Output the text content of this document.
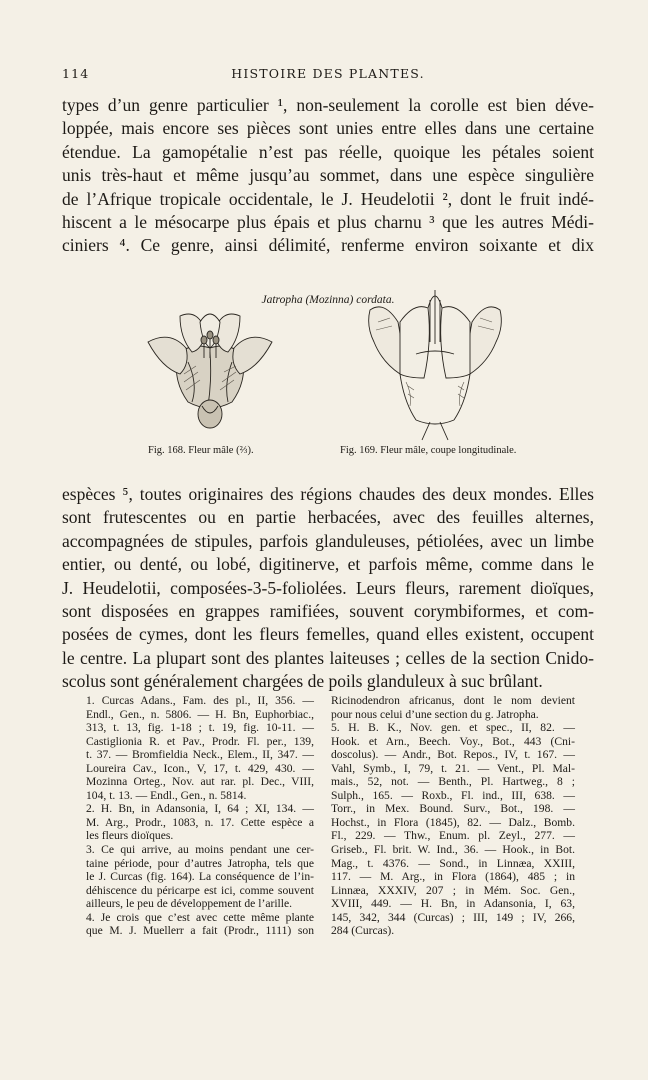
114	HISTOIRE DES PLANTES.
types d’un genre particulier ¹, non-seulement la corolle est bien déve-
loppée, mais encore ses pièces sont unies entre elles dans une certaine
étendue. La gamopétalie n’est pas réelle, quoique les pétales soient
unis très-haut et même jusqu’au sommet, dans une espèce singulière
de l’Afrique tropicale occidentale, le J. Heudelotii ², dont le fruit indé-
hiscent a le mésocarpe plus épais et plus charnu ³ que les autres Médi-
ciniers ⁴. Ce genre, ainsi délimité, renferme environ soixante et dix
Jatropha (Mozinna) cordata.
Fig. 168. Fleur mâle (⅔).	Fig. 169. Fleur mâle, coupe longitudinale.
espèces ⁵, toutes originaires des régions chaudes des deux mondes. Elles
sont frutescentes ou en partie herbacées, avec des feuilles alternes,
accompagnées de stipules, parfois glanduleuses, pétiolées, avec un limbe
entier, ou denté, ou lobé, digitinerve, et parfois même, comme dans le
J. Heudelotii, composées-3-5-foliolées. Leurs fleurs, rarement dioïques,
sont disposées en grappes ramifiées, souvent corymbiformes, et com-
posées de cymes, dont les fleurs femelles, quand elles existent, occupent
le centre. La plupart sont des plantes laiteuses ; celles de la section Cnido-
scolus sont généralement chargées de poils glanduleux à suc brûlant.
1. Curcas Adans., Fam. des pl., II, 356. —
Endl., Gen., n. 5806. — H. Bn, Euphorbiac.,
313, t. 13, fig. 1-18 ; t. 19, fig. 10-11. —
Castiglionia R. et Pav., Prodr. Fl. per., 139,
t. 37. — Bromfieldia Neck., Elem., II, 347. —
Loureira Cav., Icon., V, 17, t. 429, 430. —
Mozinna Orteg., Nov. aut rar. pl. Dec., VIII,
104, t. 13. — Endl., Gen., n. 5814.
2. H. Bn, in Adansonia, I, 64 ; XI, 134. —
M. Arg., Prodr., 1083, n. 17. Cette espèce a
les fleurs dioïques.
3. Ce qui arrive, au moins pendant une cer-
taine période, pour d’autres Jatropha, tels que
le J. Curcas (fig. 164). La conséquence de l’in-
déhiscence du péricarpe est ici, comme souvent
ailleurs, le peu de développement de l’arille.
4. Je crois que c’est avec cette même plante
que M. J. Muellerr a fait (Prodr., 1111) son
Ricinodendron africanus, dont le nom devient
pour nous celui d’une section du g. Jatropha.
5. H. B. K., Nov. gen. et spec., II, 82. —
Hook. et Arn., Beech. Voy., Bot., 443 (Cni-
doscolus). — Andr., Bot. Repos., IV, t. 167. —
Vahl, Symb., I, 79, t. 21. — Vent., Pl. Mal-
mais., 52, not. — Benth., Pl. Hartweg., 8 ;
Sulph., 165. — Roxb., Fl. ind., III, 638. —
Torr., in Mex. Bound. Surv., Bot., 198. —
Hochst., in Flora (1845), 82. — Dalz., Bomb.
Fl., 229. — Thw., Enum. pl. Zeyl., 277. —
Griseb., Fl. brit. W. Ind., 36. — Hook., in Bot.
Mag., t. 4376. — Sond., in Linnæa, XXIII,
117. — M. Arg., in Flora (1864), 485 ; in
Linnæa, XXXIV, 207 ; in Mém. Soc. Gen.,
XVIII, 449. — H. Bn, in Adansonia, I, 63,
145, 342, 344 (Curcas) ; III, 149 ; IV, 266,
284 (Curcas).
